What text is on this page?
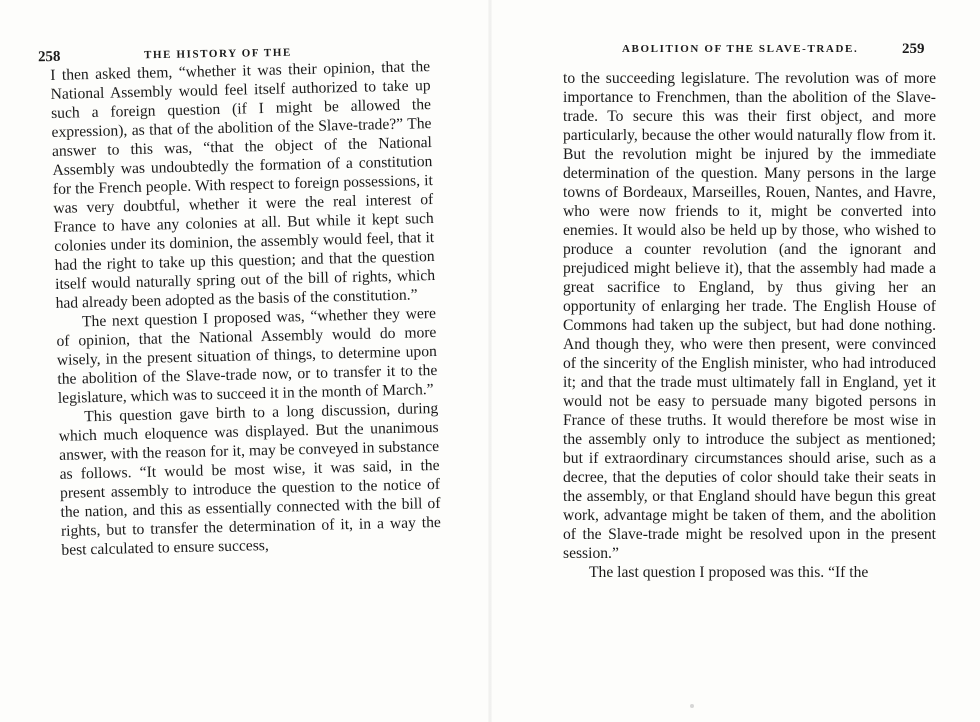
258	THE HISTORY OF THE

I then asked them, “whether it was their opinion, that the National Assembly would feel itself authorized to take up such a foreign question (if I might be allowed the expression), as that of the abolition of the Slave-trade?” The answer to this was, “that the object of the National Assembly was undoubtedly the formation of a constitution for the French people. With respect to foreign possessions, it was very doubtful, whether it were the real interest of France to have any colonies at all. But while it kept such colonies under its dominion, the assembly would feel, that it had the right to take up this question; and that the question itself would naturally spring out of the bill of rights, which had already been adopted as the basis of the constitution.”

The next question I proposed was, “whether they were of opinion, that the National Assembly would do more wisely, in the present situation of things, to determine upon the abolition of the Slave-trade now, or to transfer it to the legislature, which was to succeed it in the month of March.”

This question gave birth to a long discussion, during which much eloquence was displayed. But the unanimous answer, with the reason for it, may be conveyed in substance as follows. “It would be most wise, it was said, in the present assembly to introduce the question to the notice of the nation, and this as essentially connected with the bill of rights, but to transfer the determination of it, in a way the best calculated to ensure success,

ABOLITION OF THE SLAVE-TRADE.	259

to the succeeding legislature. The revolution was of more importance to Frenchmen, than the abolition of the Slave-trade. To secure this was their first object, and more particularly, because the other would naturally flow from it. But the revolution might be injured by the immediate determination of the question. Many persons in the large towns of Bordeaux, Marseilles, Rouen, Nantes, and Havre, who were now friends to it, might be converted into enemies. It would also be held up by those, who wished to produce a counter revolution (and the ignorant and prejudiced might believe it), that the assembly had made a great sacrifice to England, by thus giving her an opportunity of enlarging her trade. The English House of Commons had taken up the subject, but had done nothing. And though they, who were then present, were convinced of the sincerity of the English minister, who had introduced it; and that the trade must ultimately fall in England, yet it would not be easy to persuade many bigoted persons in France of these truths. It would therefore be most wise in the assembly only to introduce the subject as mentioned; but if extraordinary circumstances should arise, such as a decree, that the deputies of color should take their seats in the assembly, or that England should have begun this great work, advantage might be taken of them, and the abolition of the Slave-trade might be resolved upon in the present session.”

The last question I proposed was this. “If the
